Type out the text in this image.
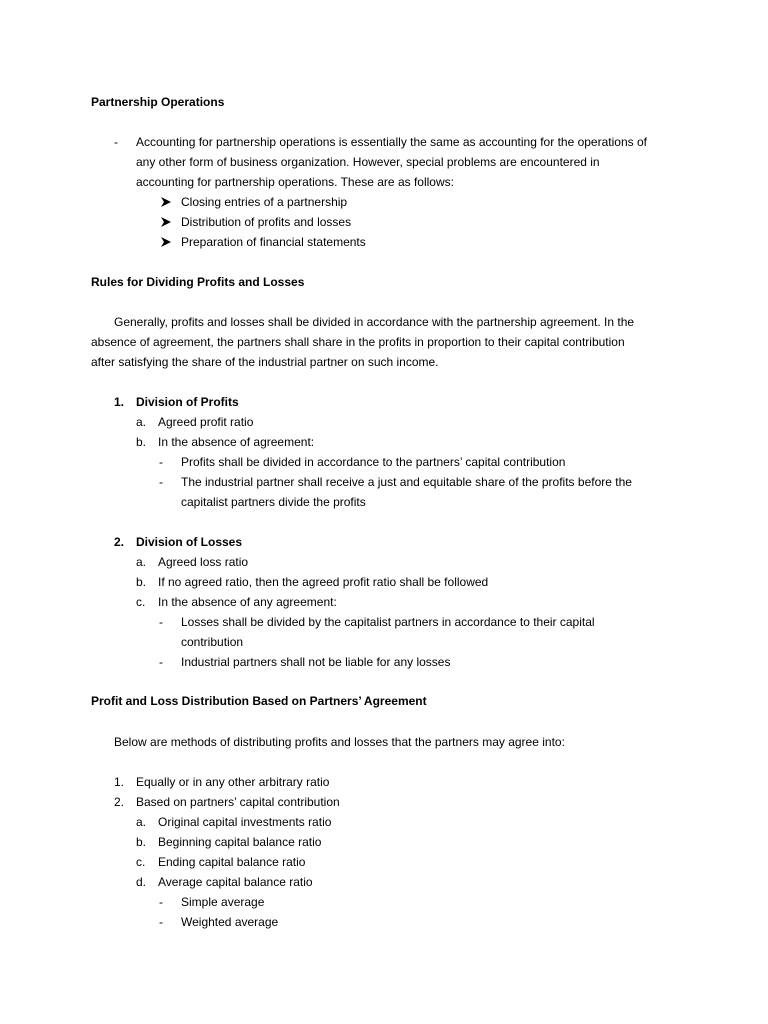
Partnership Operations
- Accounting for partnership operations is essentially the same as accounting for the operations of
any other form of business organization. However, special problems are encountered in
accounting for partnership operations. These are as follows:
Closing entries of a partnership
Distribution of profits and losses
Preparation of financial statements
Rules for Dividing Profits and Losses
Generally, profits and losses shall be divided in accordance with the partnership agreement. In the
absence of agreement, the partners shall share in the profits in proportion to their capital contribution
after satisfying the share of the industrial partner on such income.
1. Division of Profits
a. Agreed profit ratio
b. In the absence of agreement:
- Profits shall be divided in accordance to the partners’ capital contribution
- The industrial partner shall receive a just and equitable share of the profits before the
capitalist partners divide the profits
2. Division of Losses
a. Agreed loss ratio
b. If no agreed ratio, then the agreed profit ratio shall be followed
c. In the absence of any agreement:
- Losses shall be divided by the capitalist partners in accordance to their capital
contribution
- Industrial partners shall not be liable for any losses
Profit and Loss Distribution Based on Partners’ Agreement
Below are methods of distributing profits and losses that the partners may agree into:
1. Equally or in any other arbitrary ratio
2. Based on partners’ capital contribution
a. Original capital investments ratio
b. Beginning capital balance ratio
c. Ending capital balance ratio
d. Average capital balance ratio
- Simple average
- Weighted average
